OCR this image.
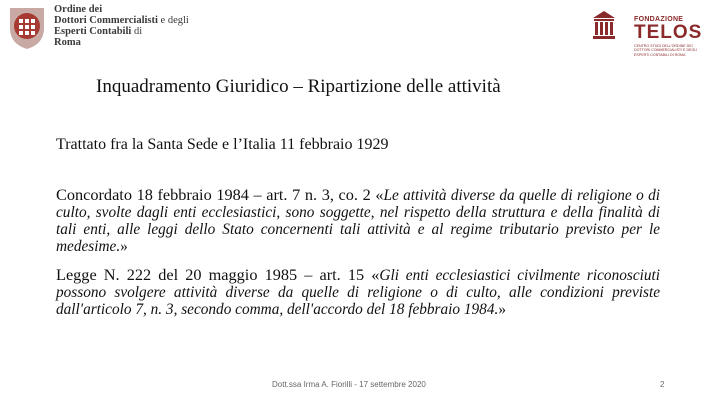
Ordine dei
Dottori Commercialisti e degli
Esperti Contabili di
Roma
FONDAZIONE
TELOS
CENTRO STUDI DELL'ORDINE DEI DOTTORI COMMERCIALISTI E DEGLI ESPERTI CONTABILI DI ROMA
Inquadramento Giuridico – Ripartizione delle attività
Trattato fra la Santa Sede e l’Italia 11 febbraio 1929
Concordato 18 febbraio 1984 – art. 7 n. 3, co. 2 «Le attività diverse da quelle di religione o di culto, svolte dagli enti ecclesiastici, sono soggette, nel rispetto della struttura e della finalità di tali enti, alle leggi dello Stato concernenti tali attività e al regime tributario previsto per le medesime.»
Legge N. 222 del 20 maggio 1985 – art. 15 «Gli enti ecclesiastici civilmente riconosciuti possono svolgere attività diverse da quelle di religione o di culto, alle condizioni previste dall'articolo 7, n. 3, secondo comma, dell'accordo del 18 febbraio 1984.»
Dott.ssa Irma A. Fiorilli - 17 settembre 2020	2
